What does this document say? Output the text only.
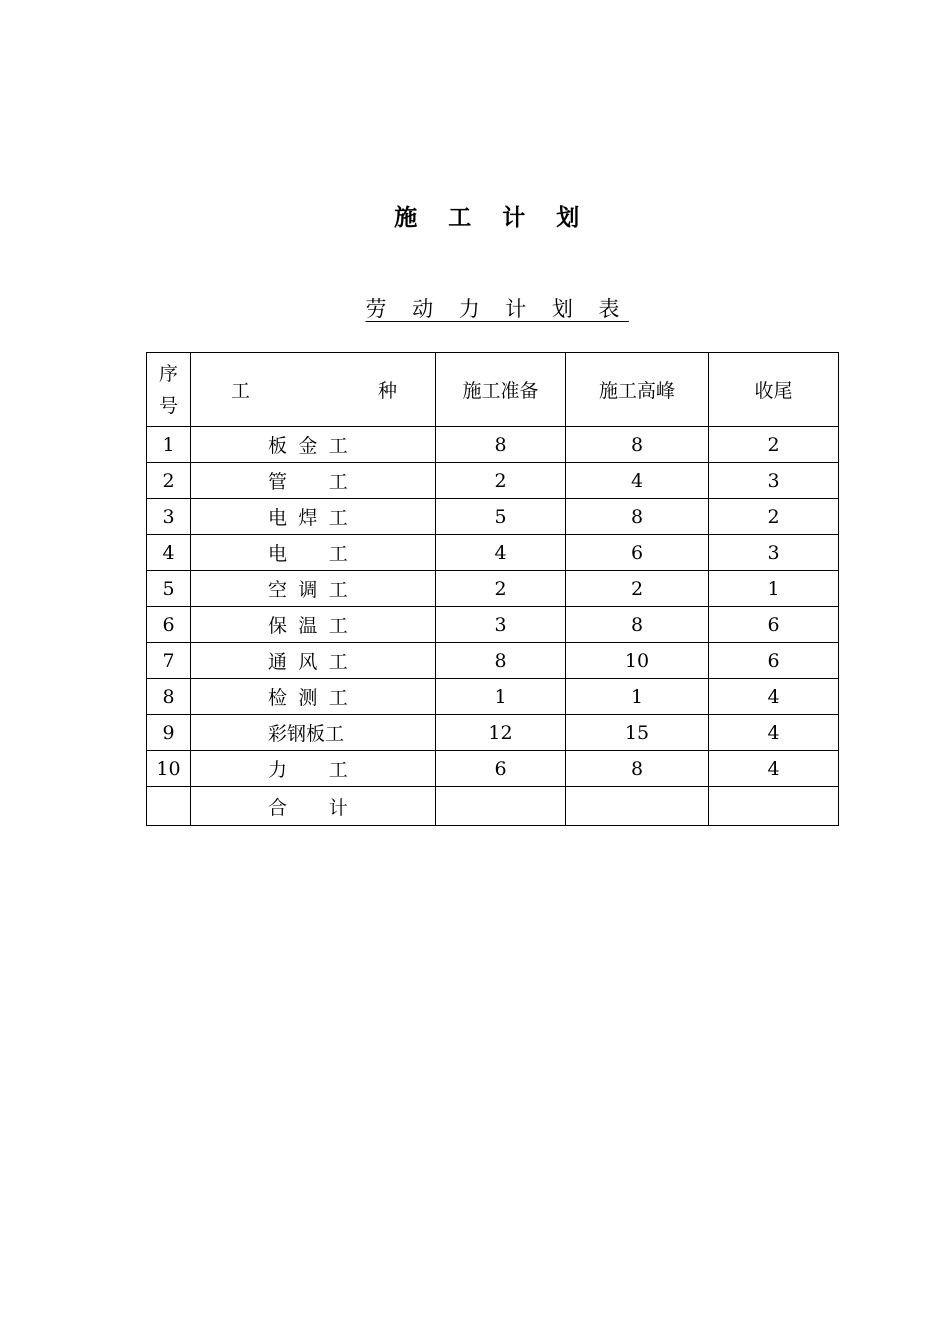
施 工 计 划
劳 动 力 计 划 表
序
号	工 种	施工准备	施工高峰	收尾
1	板金工	8	8	2
2	管　工	2	4	3
3	电焊工	5	8	2
4	电　工	4	6	3
5	空调工	2	2	1
6	保温工	3	8	6
7	通风工	8	10	6
8	检测工	1	1	4
9	彩钢板工	12	15	4
10	力　工	6	8	4

	合　计			
